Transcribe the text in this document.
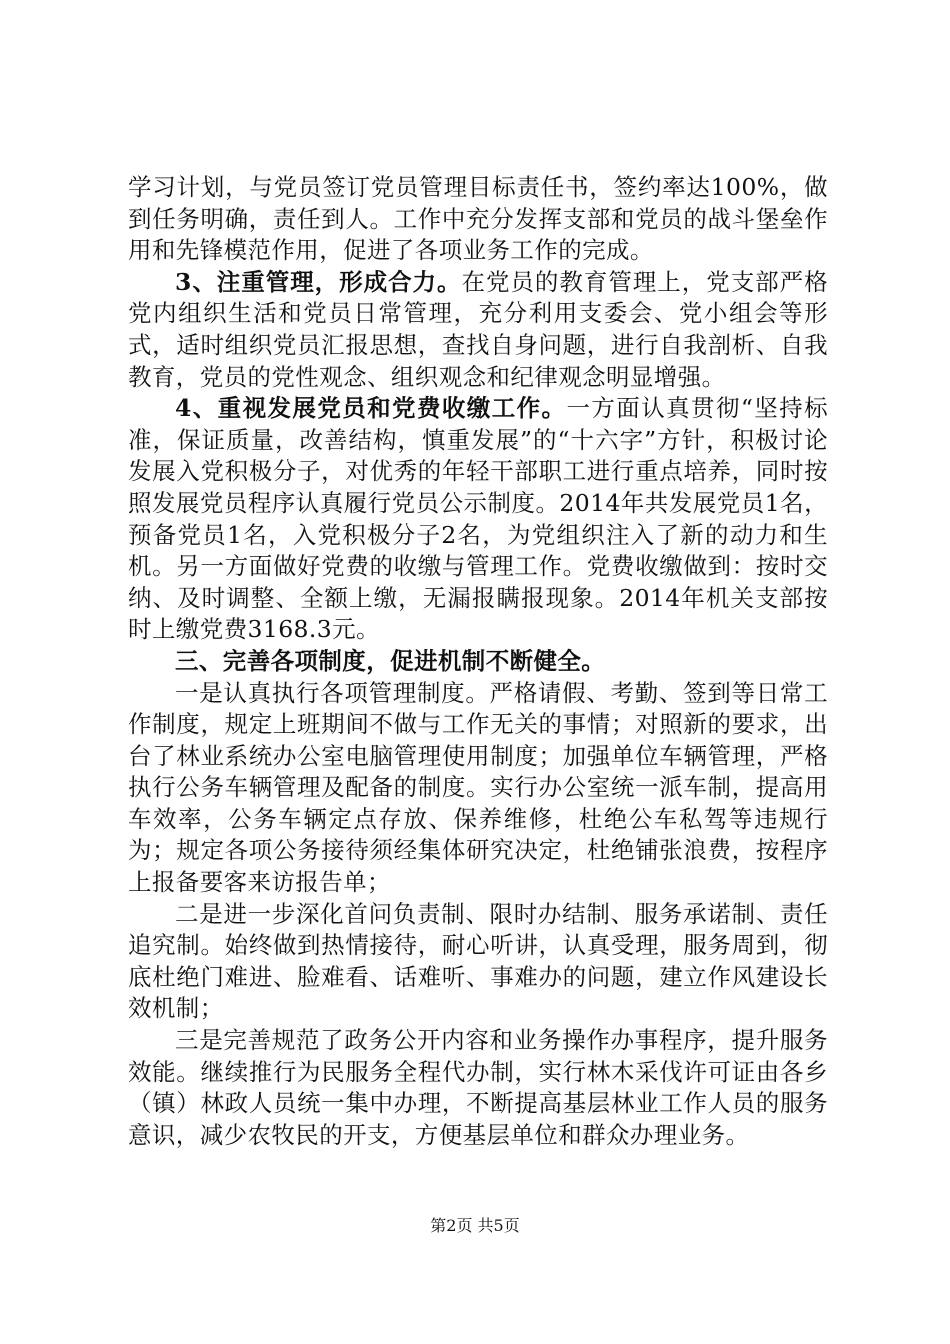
学习计划，与党员签订党员管理目标责任书，签约率达100%，做到任务明确，责任到人。工作中充分发挥支部和党员的战斗堡垒作用和先锋模范作用，促进了各项业务工作的完成。

3、注重管理，形成合力。在党员的教育管理上，党支部严格党内组织生活和党员日常管理，充分利用支委会、党小组会等形式，适时组织党员汇报思想，查找自身问题，进行自我剖析、自我教育，党员的党性观念、组织观念和纪律观念明显增强。

4、重视发展党员和党费收缴工作。一方面认真贯彻“坚持标准，保证质量，改善结构，慎重发展”的“十六字”方针，积极讨论发展入党积极分子，对优秀的年轻干部职工进行重点培养，同时按照发展党员程序认真履行党员公示制度。2014年共发展党员1名，预备党员1名，入党积极分子2名，为党组织注入了新的动力和生机。另一方面做好党费的收缴与管理工作。党费收缴做到：按时交纳、及时调整、全额上缴，无漏报瞒报现象。2014年机关支部按时上缴党费3168.3元。

三、完善各项制度，促进机制不断健全。

一是认真执行各项管理制度。严格请假、考勤、签到等日常工作制度，规定上班期间不做与工作无关的事情；对照新的要求，出台了林业系统办公室电脑管理使用制度；加强单位车辆管理，严格执行公务车辆管理及配备的制度。实行办公室统一派车制，提高用车效率，公务车辆定点存放、保养维修，杜绝公车私驾等违规行为；规定各项公务接待须经集体研究决定，杜绝铺张浪费，按程序上报备要客来访报告单；

二是进一步深化首问负责制、限时办结制、服务承诺制、责任追究制。始终做到热情接待，耐心听讲，认真受理，服务周到，彻底杜绝门难进、脸难看、话难听、事难办的问题，建立作风建设长效机制；

三是完善规范了政务公开内容和业务操作办事程序，提升服务效能。继续推行为民服务全程代办制，实行林木采伐许可证由各乡（镇）林政人员统一集中办理，不断提高基层林业工作人员的服务意识，减少农牧民的开支，方便基层单位和群众办理业务。

第2页 共5页
